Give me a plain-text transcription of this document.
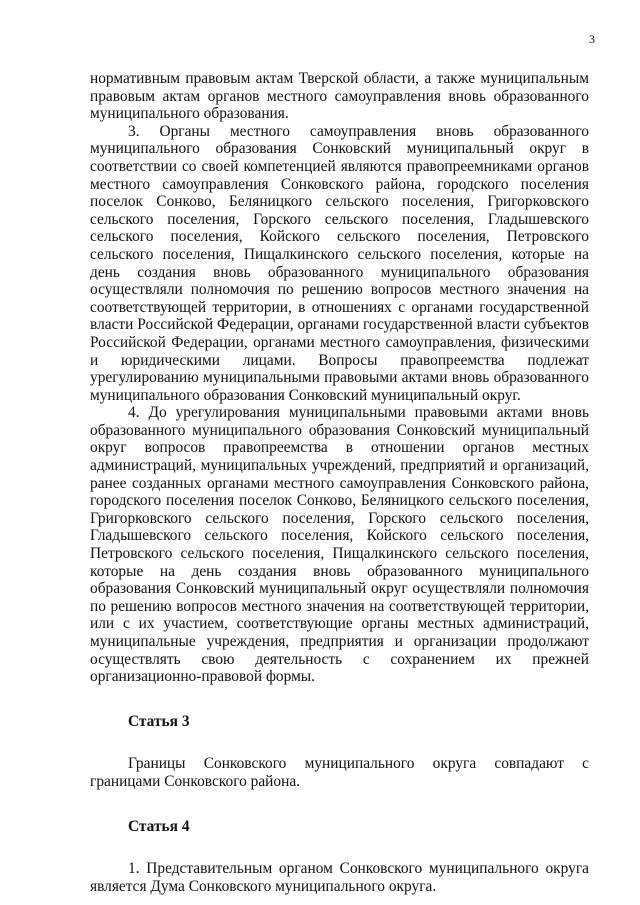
3

нормативным правовым актам Тверской области, а также муниципальным правовым актам органов местного самоуправления вновь образованного муниципального образования.

3. Органы местного самоуправления вновь образованного муниципального образования Сонковский муниципальный округ в соответствии со своей компетенцией являются правопреемниками органов местного самоуправления Сонковского района, городского поселения поселок Сонково, Беляницкого сельского поселения, Григорковского сельского поселения, Горского сельского поселения, Гладышевского сельского поселения, Койского сельского поселения, Петровского сельского поселения, Пищалкинского сельского поселения, которые на день создания вновь образованного муниципального образования осуществляли полномочия по решению вопросов местного значения на соответствующей территории, в отношениях с органами государственной власти Российской Федерации, органами государственной власти субъектов Российской Федерации, органами местного самоуправления, физическими и юридическими лицами. Вопросы правопреемства подлежат урегулированию муниципальными правовыми актами вновь образованного муниципального образования Сонковский муниципальный округ.

4. До урегулирования муниципальными правовыми актами вновь образованного муниципального образования Сонковский муниципальный округ вопросов правопреемства в отношении органов местных администраций, муниципальных учреждений, предприятий и организаций, ранее созданных органами местного самоуправления Сонковского района, городского поселения поселок Сонково, Беляницкого сельского поселения, Григорковского сельского поселения, Горского сельского поселения, Гладышевского сельского поселения, Койского сельского поселения, Петровского сельского поселения, Пищалкинского сельского поселения, которые на день создания вновь образованного муниципального образования Сонковский муниципальный округ осуществляли полномочия по решению вопросов местного значения на соответствующей территории, или с их участием, соответствующие органы местных администраций, муниципальные учреждения, предприятия и организации продолжают осуществлять свою деятельность с сохранением их прежней организационно-правовой формы.

Статья 3

Границы Сонковского муниципального округа совпадают с границами Сонковского района.

Статья 4

1. Представительным органом Сонковского муниципального округа является Дума Сонковского муниципального округа.
